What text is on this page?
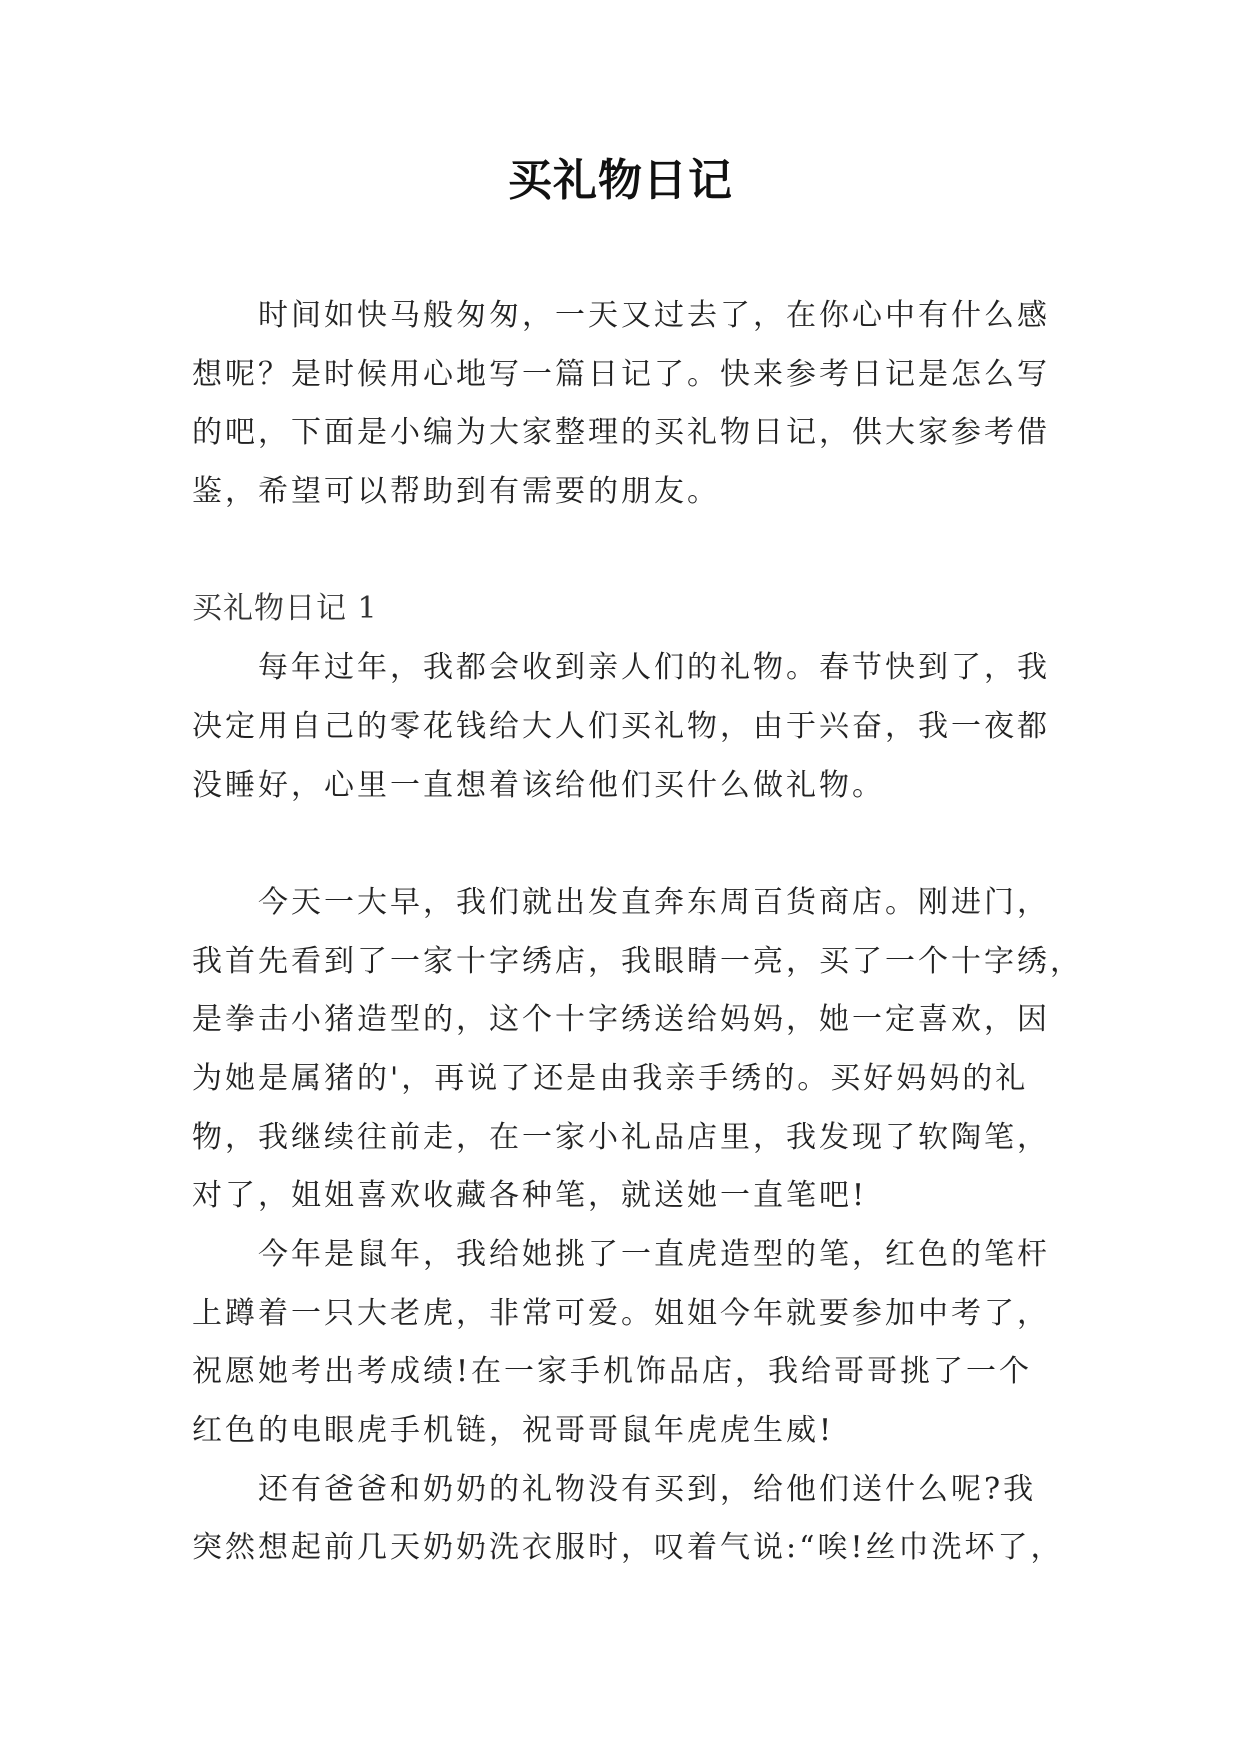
买礼物日记
时间如快马般匆匆，一天又过去了，在你心中有什么感
想呢？是时候用心地写一篇日记了。快来参考日记是怎么写
的吧，下面是小编为大家整理的买礼物日记，供大家参考借
鉴，希望可以帮助到有需要的朋友。
买礼物日记 1
每年过年，我都会收到亲人们的礼物。春节快到了，我
决定用自己的零花钱给大人们买礼物，由于兴奋，我一夜都
没睡好，心里一直想着该给他们买什么做礼物。
今天一大早，我们就出发直奔东周百货商店。刚进门，
我首先看到了一家十字绣店，我眼睛一亮，买了一个十字绣，
是拳击小猪造型的，这个十字绣送给妈妈，她一定喜欢，因
为她是属猪的'，再说了还是由我亲手绣的。买好妈妈的礼
物，我继续往前走，在一家小礼品店里，我发现了软陶笔，
对了，姐姐喜欢收藏各种笔，就送她一直笔吧!
今年是鼠年，我给她挑了一直虎造型的笔，红色的笔杆
上蹲着一只大老虎，非常可爱。姐姐今年就要参加中考了，
祝愿她考出考成绩!在一家手机饰品店，我给哥哥挑了一个
红色的电眼虎手机链，祝哥哥鼠年虎虎生威!
还有爸爸和奶奶的礼物没有买到，给他们送什么呢?我
突然想起前几天奶奶洗衣服时，叹着气说:“唉!丝巾洗坏了，
